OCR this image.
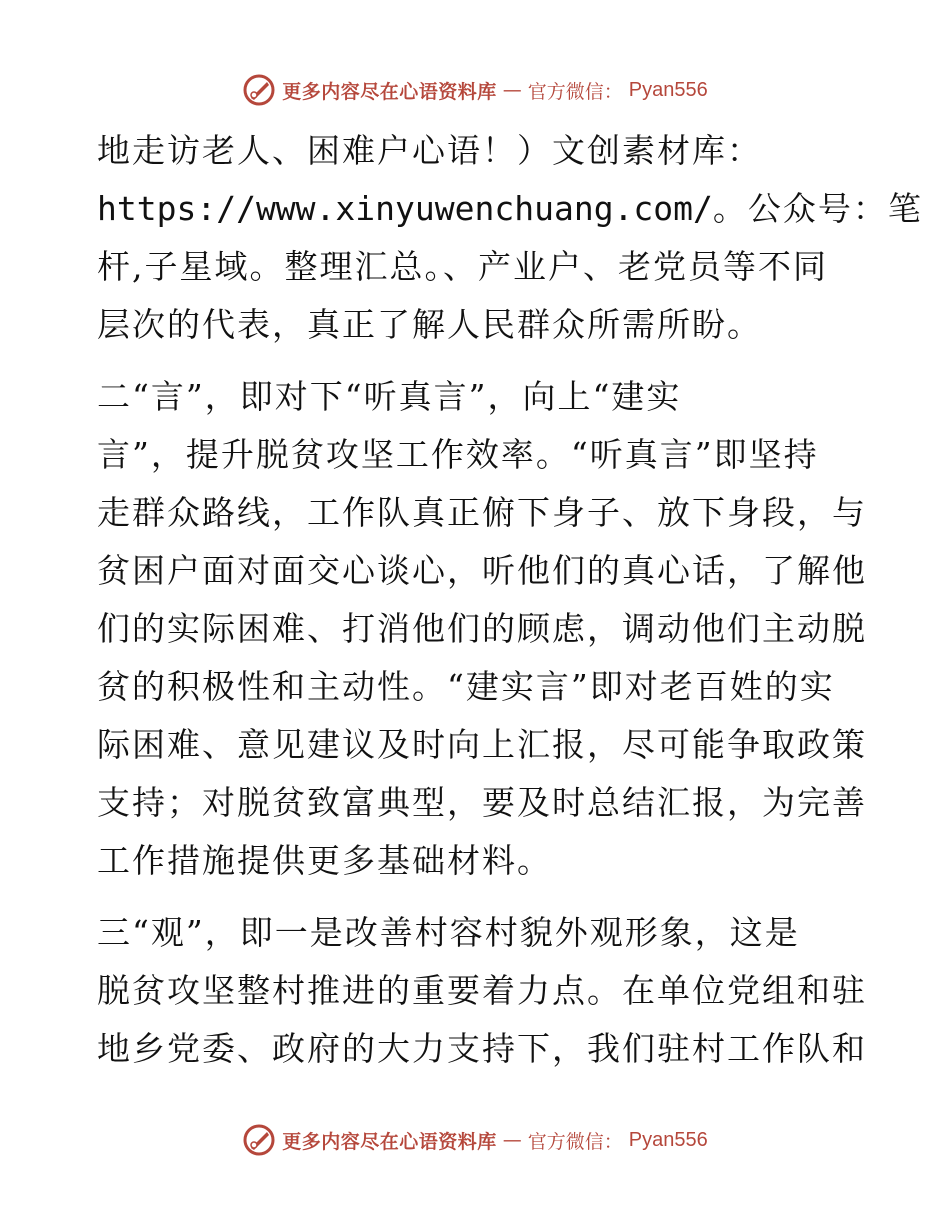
更多内容尽在心语资料库 — 官方微信： Pyan556
地走访老人、困难户心语！）文创素材库：
https://www.xinyuwenchuang.com/。公众号：笔
杆,子星域。整理汇总。、产业户、老党员等不同
层次的代表，真正了解人民群众所需所盼。
二“言”，即对下“听真言”，向上“建实
言”，提升脱贫攻坚工作效率。“听真言”即坚持
走群众路线，工作队真正俯下身子、放下身段，与
贫困户面对面交心谈心，听他们的真心话，了解他
们的实际困难、打消他们的顾虑，调动他们主动脱
贫的积极性和主动性。“建实言”即对老百姓的实
际困难、意见建议及时向上汇报，尽可能争取政策
支持；对脱贫致富典型，要及时总结汇报，为完善
工作措施提供更多基础材料。
三“观”，即一是改善村容村貌外观形象，这是
脱贫攻坚整村推进的重要着力点。在单位党组和驻
地乡党委、政府的大力支持下，我们驻村工作队和
更多内容尽在心语资料库 — 官方微信： Pyan556
